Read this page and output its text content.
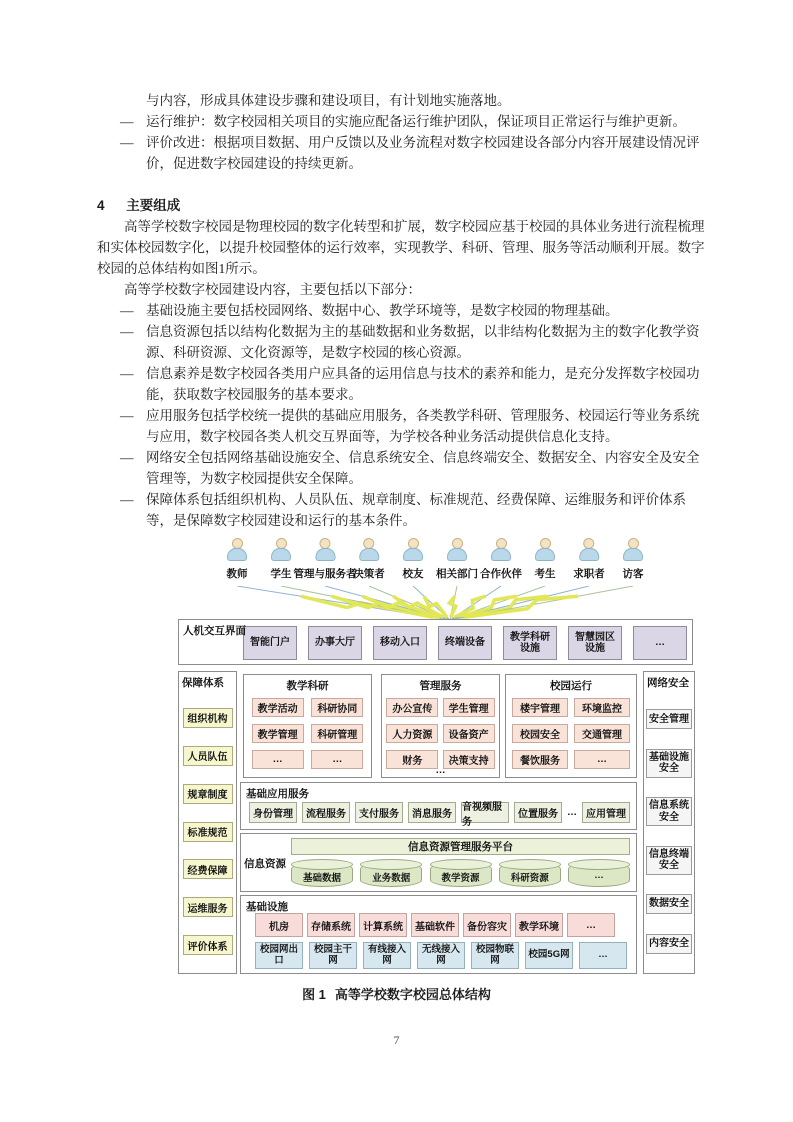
与内容，形成具体建设步骤和建设项目，有计划地实施落地。

— 运行维护：数字校园相关项目的实施应配备运行维护团队，保证项目正常运行与维护更新。
— 评价改进：根据项目数据、用户反馈以及业务流程对数字校园建设各部分内容开展建设情况评价，促进数字校园建设的持续更新。
4 主要组成

高等学校数字校园是物理校园的数字化转型和扩展，数字校园应基于校园的具体业务进行流程梳理和实体校园数字化，以提升校园整体的运行效率，实现教学、科研、管理、服务等活动顺利开展。数字校园的总体结构如图1所示。

高等学校数字校园建设内容，主要包括以下部分：

— 基础设施主要包括校园网络、数据中心、教学环境等，是数字校园的物理基础。
— 信息资源包括以结构化数据为主的基础数据和业务数据，以非结构化数据为主的数字化教学资源、科研资源、文化资源等，是数字校园的核心资源。
— 信息素养是数字校园各类用户应具备的运用信息与技术的素养和能力，是充分发挥数字校园功能，获取数字校园服务的基本要求。
— 应用服务包括学校统一提供的基础应用服务，各类教学科研、管理服务、校园运行等业务系统与应用，数字校园各类人机交互界面等，为学校各种业务活动提供信息化支持。
— 网络安全包括网络基础设施安全、信息系统安全、信息终端安全、数据安全、内容安全及安全管理等，为数字校园提供安全保障。
— 保障体系包括组织机构、人员队伍、规章制度、标准规范、经费保障、运维服务和评价体系等，是保障数字校园建设和运行的基本条件。
教师 学生 管理与服务者
决策者 校友 相关部门 合作伙伴 考生 求职者 访客
人机交互界面
智能门户	办事大厅	移动入口	终端设备
教学科研设施
智慧园区设施
…
保障体系
组织机构
人员队伍
规章制度
标准规范
经费保障
运维服务
评价体系
网络安全
安全管理
基础设施安全
信息系统安全
信息终端安全
数据安全
内容安全
教学科研
教学活动	科研协同
教学管理	科研管理
…	…
管理服务
办公宣传	学生管理
人力资源	设备资产
财务	决策支持
…
校园运行
楼宇管理	环境监控
校园安全	交通管理
餐饮服务	…
基础应用服务
身份管理	流程服务	支付服务	消息服务
音视频服务
位置服务 … 应用管理
信息资源
信息资源管理服务平台
基础数据	业务数据	教学资源	科研资源	…
基础设施
机房	存储系统	计算系统	基础软件	备份容灾	教学环境	…
校园网出口
校园主干网
有线接入网
无线接入网
校园物联网	校园5G网	…
图 1 高等学校数字校园总体结构
7
